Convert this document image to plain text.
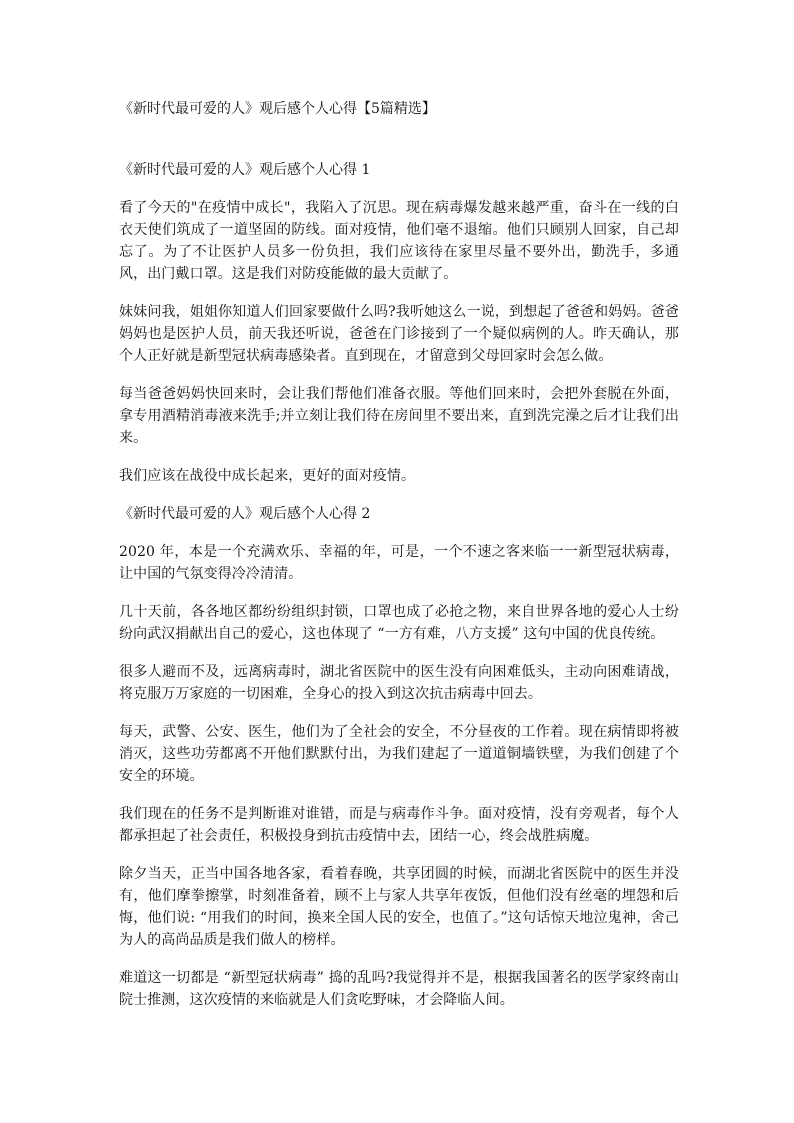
《新时代最可爱的人》观后感个人心得【5篇精选】
《新时代最可爱的人》观后感个人心得 1

看了今天的"在疫情中成长"，我陷入了沉思。现在病毒爆发越来越严重，奋斗在一线的白衣天使们筑成了一道坚固的防线。面对疫情，他们毫不退缩。他们只顾别人回家，自己却忘了。为了不让医护人员多一份负担，我们应该待在家里尽量不要外出，勤洗手，多通风，出门戴口罩。这是我们对防疫能做的最大贡献了。

妹妹问我，姐姐你知道人们回家要做什么吗?我听她这么一说，到想起了爸爸和妈妈。爸爸妈妈也是医护人员，前天我还听说，爸爸在门诊接到了一个疑似病例的人。昨天确认，那个人正好就是新型冠状病毒感染者。直到现在，才留意到父母回家时会怎么做。

每当爸爸妈妈快回来时，会让我们帮他们准备衣服。等他们回来时，会把外套脱在外面，拿专用酒精消毒液来洗手;并立刻让我们待在房间里不要出来，直到洗完澡之后才让我们出来。

我们应该在战役中成长起来，更好的面对疫情。

《新时代最可爱的人》观后感个人心得 2

2020 年，本是一个充满欢乐、幸福的年，可是，一个不速之客来临一一新型冠状病毒，让中国的气氛变得冷冷清清。

几十天前，各各地区都纷纷组织封锁，口罩也成了必抢之物，来自世界各地的爱心人士纷纷向武汉捐献出自己的爱心，这也体现了 “一方有难，八方支援” 这句中国的优良传统。

很多人避而不及，远离病毒时，湖北省医院中的医生没有向困难低头，主动向困难请战，将克服万万家庭的一切困难，全身心的投入到这次抗击病毒中回去。

每天，武警、公安、医生，他们为了全社会的安全，不分昼夜的工作着。现在病情即将被消灭，这些功劳都离不开他们默默付出，为我们建起了一道道铜墙铁壁，为我们创建了个安全的环境。

我们现在的任务不是判断谁对谁错，而是与病毒作斗争。面对疫情，没有旁观者，每个人都承担起了社会责任，积极投身到抗击疫情中去，团结一心，终会战胜病魔。

除夕当天，正当中国各地各家，看着春晚，共享团圆的时候，而湖北省医院中的医生并没有，他们摩拳擦掌，时刻准备着，顾不上与家人共享年夜饭，但他们没有丝毫的埋怨和后悔，他们说: “用我们的时间，换来全国人民的安全，也值了。”这句话惊天地泣鬼神，舍己为人的高尚品质是我们做人的榜样。

难道这一切都是 “新型冠状病毒” 捣的乱吗?我觉得并不是，根据我国著名的医学家终南山院士推测，这次疫情的来临就是人们贪吃野味，才会降临人间。
